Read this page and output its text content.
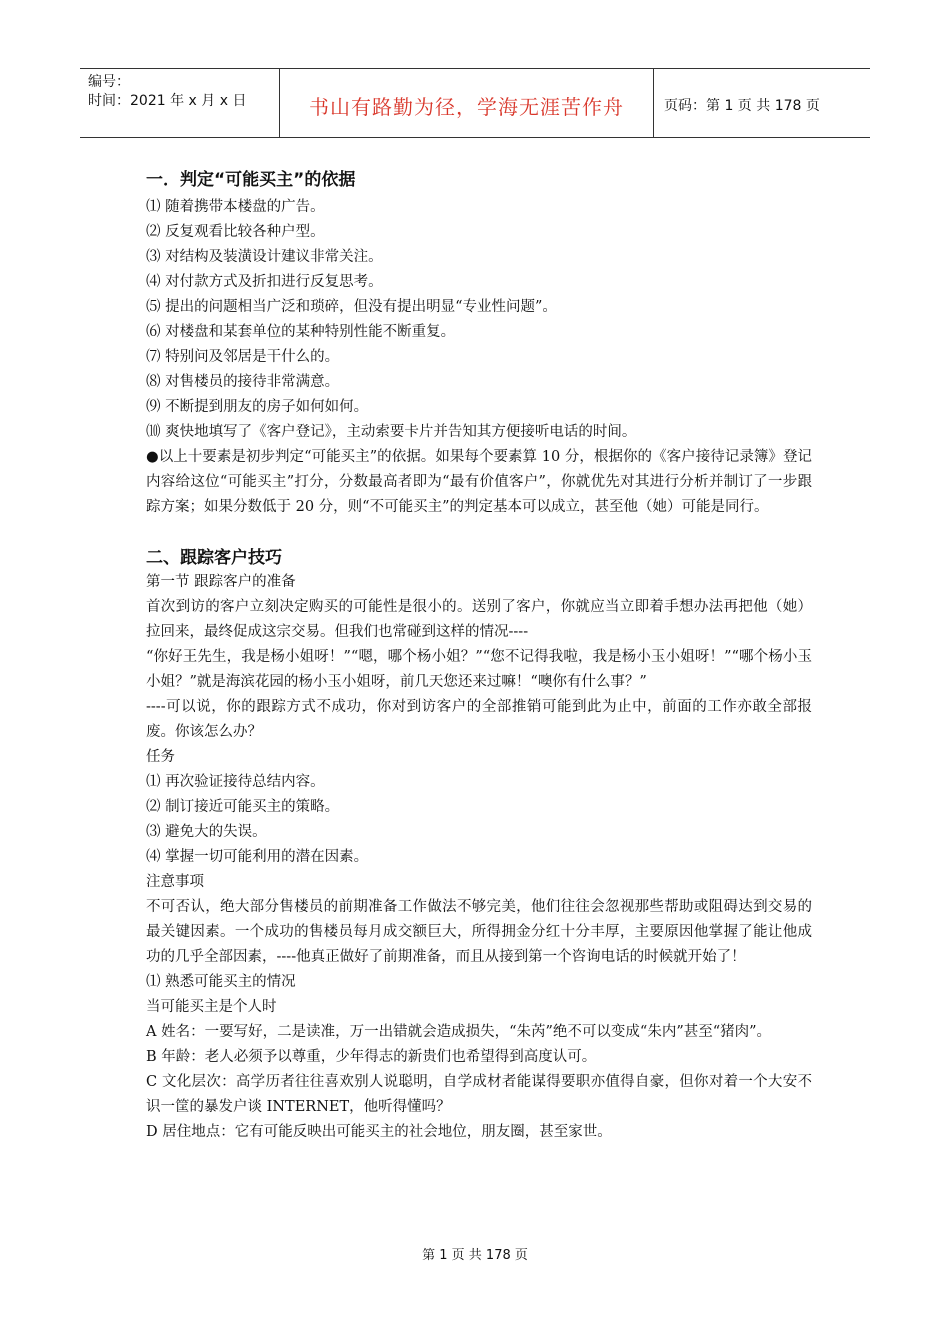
编号：
时间：2021 年 x 月 x 日	书山有路勤为径，学海无涯苦作舟	页码：第 1 页 共 178 页
一．判定“可能买主”的依据

⑴ 随着携带本楼盘的广告。

⑵ 反复观看比较各种户型。

⑶ 对结构及装潢设计建议非常关注。

⑷ 对付款方式及折扣进行反复思考。

⑸ 提出的问题相当广泛和琐碎，但没有提出明显“专业性问题”。

⑹ 对楼盘和某套单位的某种特别性能不断重复。

⑺ 特别问及邻居是干什么的。

⑻ 对售楼员的接待非常满意。

⑼ 不断提到朋友的房子如何如何。

⑽ 爽快地填写了《客户登记》，主动索要卡片并告知其方便接听电话的时间。

●以上十要素是初步判定“可能买主”的依据。如果每个要素算 10 分，根据你的《客户接待记录簿》登记内容给这位“可能买主”打分，分数最高者即为“最有价值客户”，你就优先对其进行分析并制订了一步跟踪方案；如果分数低于 20 分，则“不可能买主”的判定基本可以成立，甚至他（她）可能是同行。

二、跟踪客户技巧

第一节 跟踪客户的准备

首次到访的客户立刻决定购买的可能性是很小的。送别了客户，你就应当立即着手想办法再把他（她）拉回来，最终促成这宗交易。但我们也常碰到这样的情况----

“你好王先生，我是杨小姐呀！”“嗯，哪个杨小姐？”“您不记得我啦，我是杨小玉小姐呀！”“哪个杨小玉小姐？”就是海滨花园的杨小玉小姐呀，前几天您还来过嘛！“噢你有什么事？”

----可以说，你的跟踪方式不成功，你对到访客户的全部推销可能到此为止中，前面的工作亦敢全部报废。你该怎么办？

任务

⑴ 再次验证接待总结内容。

⑵ 制订接近可能买主的策略。

⑶ 避免大的失误。

⑷ 掌握一切可能利用的潜在因素。

注意事项

不可否认，绝大部分售楼员的前期准备工作做法不够完美，他们往往会忽视那些帮助或阻碍达到交易的最关键因素。一个成功的售楼员每月成交额巨大，所得拥金分红十分丰厚，主要原因他掌握了能让他成功的几乎全部因素，----他真正做好了前期准备，而且从接到第一个咨询电话的时候就开始了！

⑴ 熟悉可能买主的情况

当可能买主是个人时

A 姓名：一要写好，二是读准，万一出错就会造成损失，“朱芮”绝不可以变成“朱内”甚至“猪肉”。

B 年龄：老人必须予以尊重，少年得志的新贵们也希望得到高度认可。

C 文化层次：高学历者往往喜欢别人说聪明，自学成材者能谋得要职亦值得自豪，但你对着一个大安不识一筐的暴发户谈 INTERNET，他听得懂吗？

D 居住地点：它有可能反映出可能买主的社会地位，朋友圈，甚至家世。

第 1 页 共 178 页
